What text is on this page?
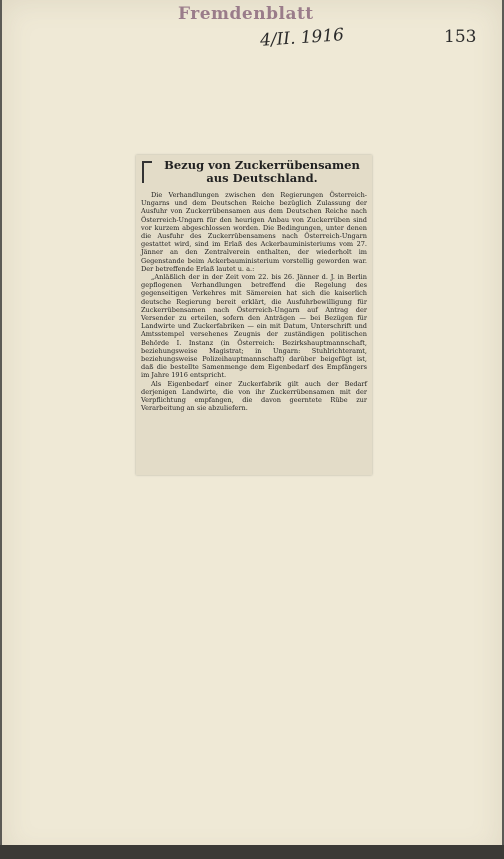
Fremdenblatt
4/II. 1916	153
Bezug von Zuckerrübensamen aus Deutschland.

Die Verhandlungen zwischen den Regierungen Österreich-Ungarns und dem Deutschen Reiche bezüglich Zulassung der Ausfuhr von Zuckerrübensamen aus dem Deutschen Reiche nach Österreich-Ungarn für den heurigen Anbau von Zuckerrüben sind vor kurzem abgeschlossen worden. Die Bedingungen, unter denen die Ausfuhr des Zuckerrübensamens nach Österreich-Ungarn gestattet wird, sind im Erlaß des Ackerbauministeriums vom 27. Jänner an den Zentralverein enthalten, der wiederholt im Gegenstande beim Ackerbauministerium vorstellig geworden war. Der betreffende Erlaß lautet u. a.:

„Anläßlich der in der Zeit vom 22. bis 26. Jänner d. J. in Berlin gepflogenen Verhandlungen betreffend die Regelung des gegenseitigen Verkehres mit Sämereien hat sich die kaiserlich deutsche Regierung bereit erklärt, die Ausfuhrbewilligung für Zuckerrübensamen nach Österreich-Ungarn auf Antrag der Versender zu erteilen, sofern den Anträgen — bei Bezügen für Landwirte und Zuckerfabriken — ein mit Datum, Unterschrift und Amtsstempel versehenes Zeugnis der zuständigen politischen Behörde I. Instanz (in Österreich: Bezirkshauptmannschaft, beziehungsweise Magistrat; in Ungarn: Stuhlrichteramt, beziehungsweise Polizeihauptmannschaft) darüber beigefügt ist, daß die bestellte Samenmenge dem Eigenbedarf des Empfängers im Jahre 1916 entspricht.

Als Eigenbedarf einer Zuckerfabrik gilt auch der Bedarf derjenigen Landwirte, die von ihr Zuckerrübensamen mit der Verpflichtung empfangen, die davon geerntete Rübe zur Verarbeitung an sie abzuliefern.
